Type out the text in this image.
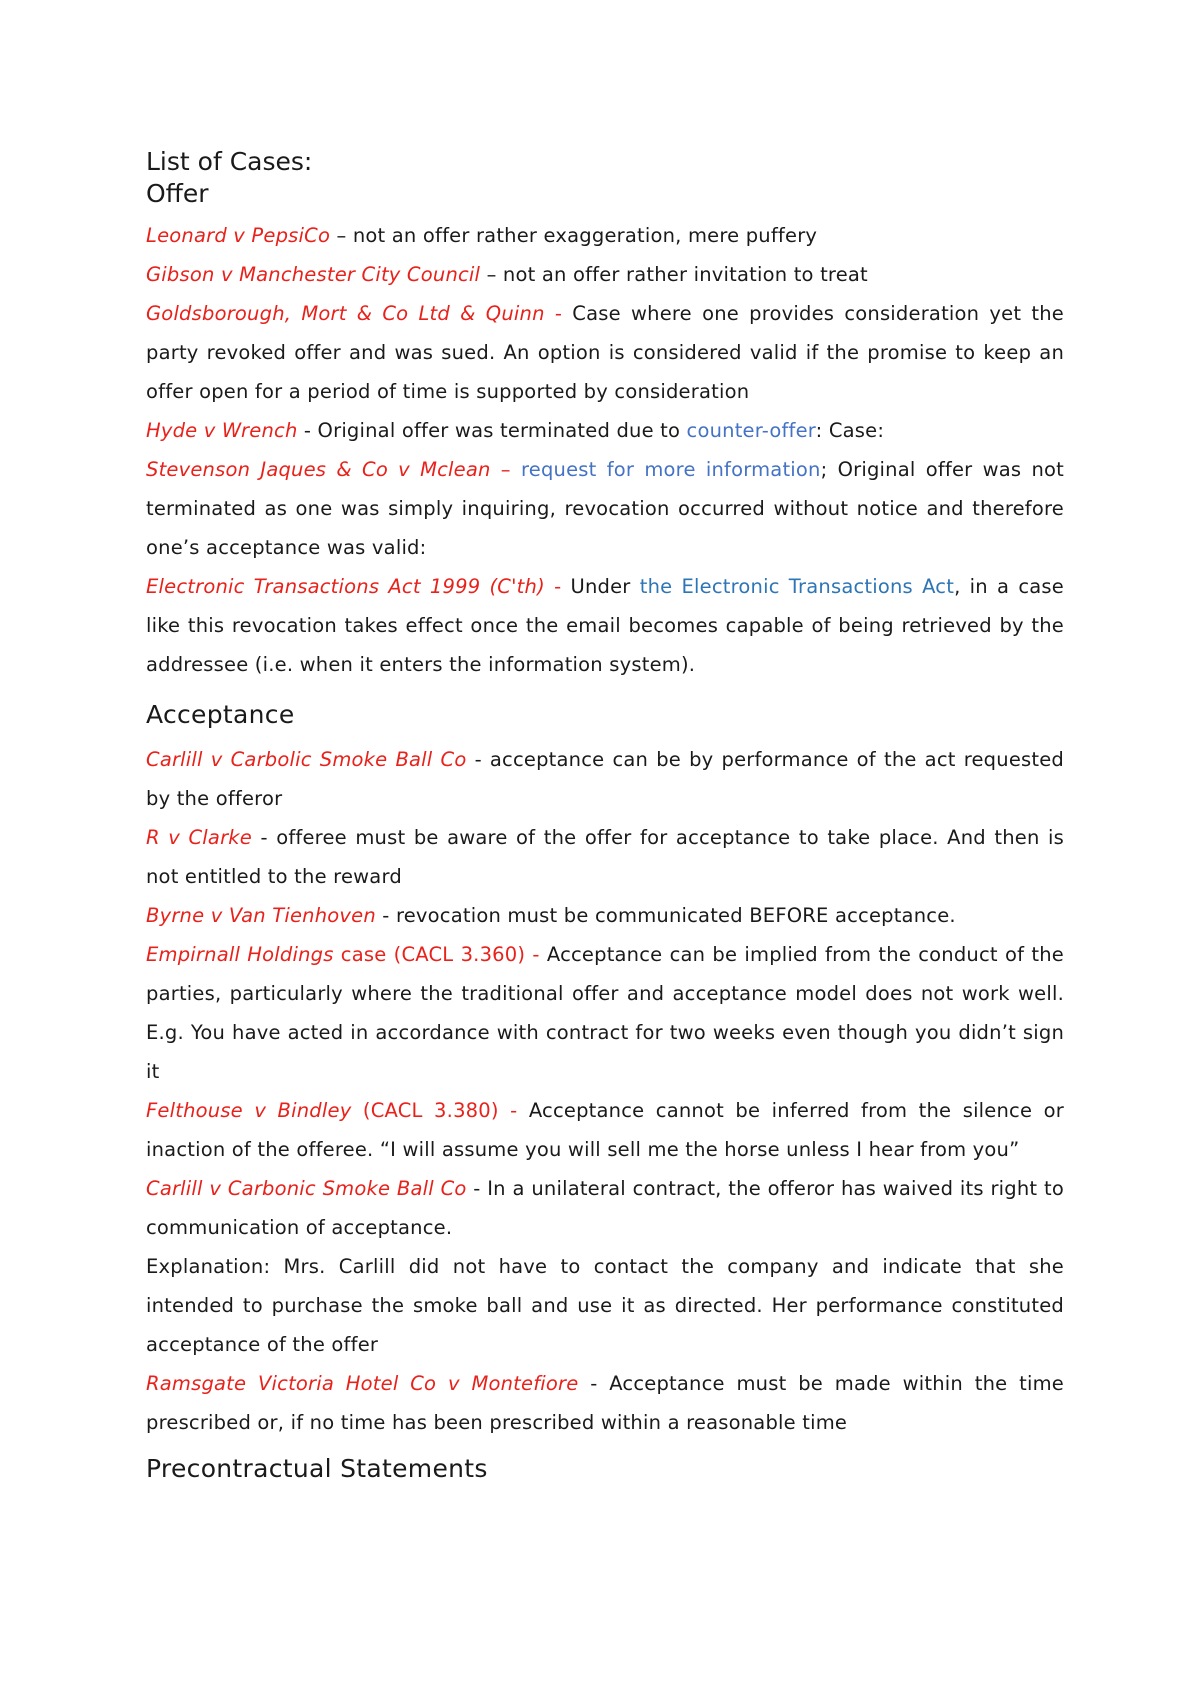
List of Cases:
Offer

Leonard v PepsiCo – not an offer rather exaggeration, mere puffery

Gibson v Manchester City Council – not an offer rather invitation to treat

Goldsborough, Mort & Co Ltd & Quinn - Case where one provides consideration yet the party revoked offer and was sued. An option is considered valid if the promise to keep an offer open for a period of time is supported by consideration

Hyde v Wrench - Original offer was terminated due to counter-offer: Case:

Stevenson Jaques & Co v Mclean – request for more information; Original offer was not terminated as one was simply inquiring, revocation occurred without notice and therefore one’s acceptance was valid:

Electronic Transactions Act 1999 (C'th) - Under the Electronic Transactions Act, in a case like this revocation takes effect once the email becomes capable of being retrieved by the addressee (i.e. when it enters the information system).

Acceptance

Carlill v Carbolic Smoke Ball Co - acceptance can be by performance of the act requested by the offeror

R v Clarke - offeree must be aware of the offer for acceptance to take place. And then is not entitled to the reward

Byrne v Van Tienhoven - revocation must be communicated BEFORE acceptance.

Empirnall Holdings case (CACL 3.360) - Acceptance can be implied from the conduct of the parties, particularly where the traditional offer and acceptance model does not work well. E.g. You have acted in accordance with contract for two weeks even though you didn’t sign it

Felthouse v Bindley (CACL 3.380) - Acceptance cannot be inferred from the silence or inaction of the offeree. “I will assume you will sell me the horse unless I hear from you”

Carlill v Carbonic Smoke Ball Co - In a unilateral contract, the offeror has waived its right to communication of acceptance.

Explanation: Mrs. Carlill did not have to contact the company and indicate that she intended to purchase the smoke ball and use it as directed. Her performance constituted acceptance of the offer

Ramsgate Victoria Hotel Co v Montefiore - Acceptance must be made within the time prescribed or, if no time has been prescribed within a reasonable time

Precontractual Statements
